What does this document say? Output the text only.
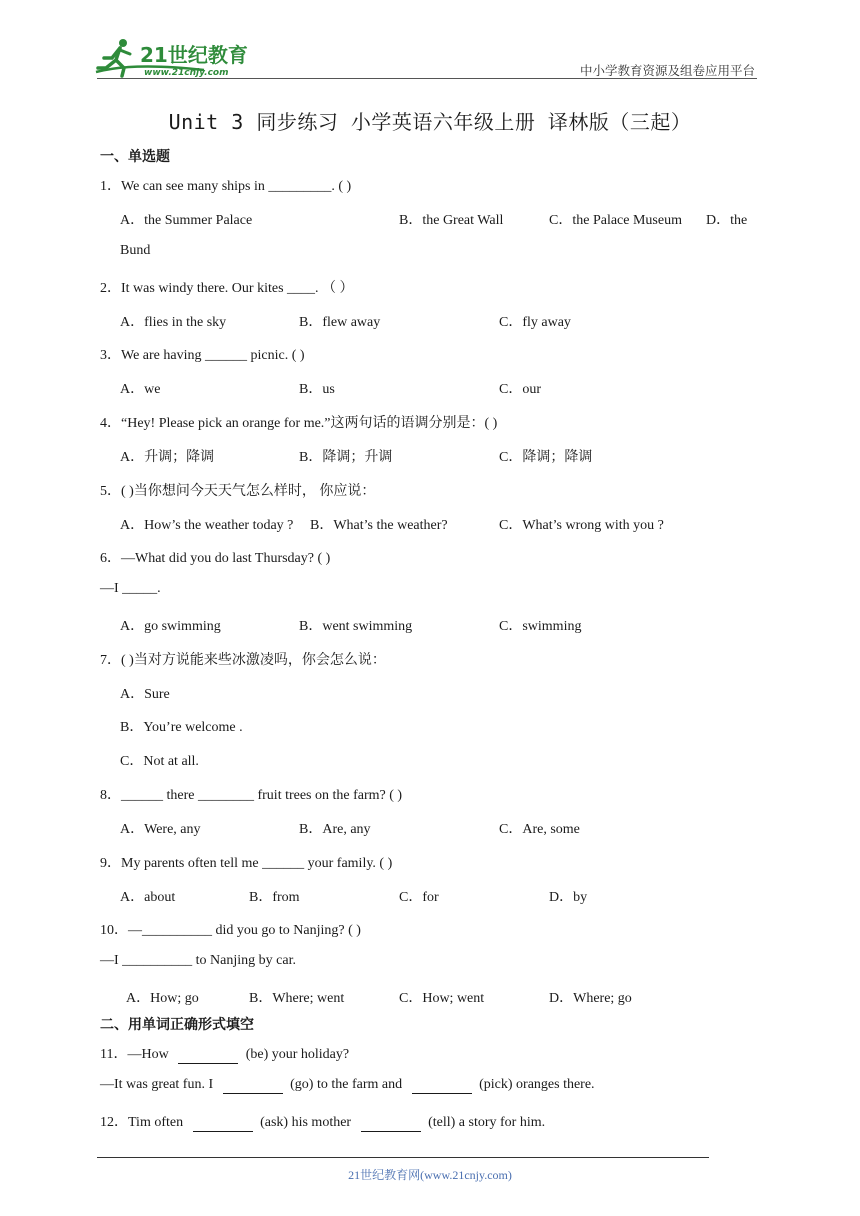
21世纪教育
www.21cnjy.com	中小学教育资源及组卷应用平台
Unit 3 同步练习 小学英语六年级上册 译林版（三起）
一、单选题
1．We can see many ships in _________. ( )
A．the Summer Palace	B．the Great Wall	C．the Palace Museum D．the
Bund
2．It was windy there. Our kites ____. （ ）
A．flies in the sky	B．flew away	C．fly away
3．We are having ______ picnic. ( )
A．we	B．us	C．our
4．“Hey! Please pick an orange for me.”这两句话的语调分别是：( )
A．升调；降调	B．降调；升调	C．降调；降调
5．( )当你想问今天天气怎么样时， 你应说：
A．How’s the weather today ? B．What’s the weather?	C．What’s wrong with you ?
6．—What did you do last Thursday? ( )
—I _____.
A．go swimming	B．went swimming	C．swimming
7．( )当对方说能来些冰激凌吗，你会怎么说：
A．Sure
B．You’re welcome .
C．Not at all.
8．______ there ________ fruit trees on the farm? ( )
A．Were, any	B．Are, any	C．Are, some
9．My parents often tell me ______ your family. ( )
A．about	B．from	C．for	D．by
10．—__________ did you go to Nanjing? ( )
—I __________ to Nanjing by car.
A．How; go	B．Where; went	C．How; went	D．Where; go
二、用单词正确形式填空
11．—How	(be) your holiday?
—It was great fun. I	(go) to the farm and	(pick) oranges there.
12．Tim often	(ask) his mother	(tell) a story for him.
21世纪教育网(www.21cnjy.com)
